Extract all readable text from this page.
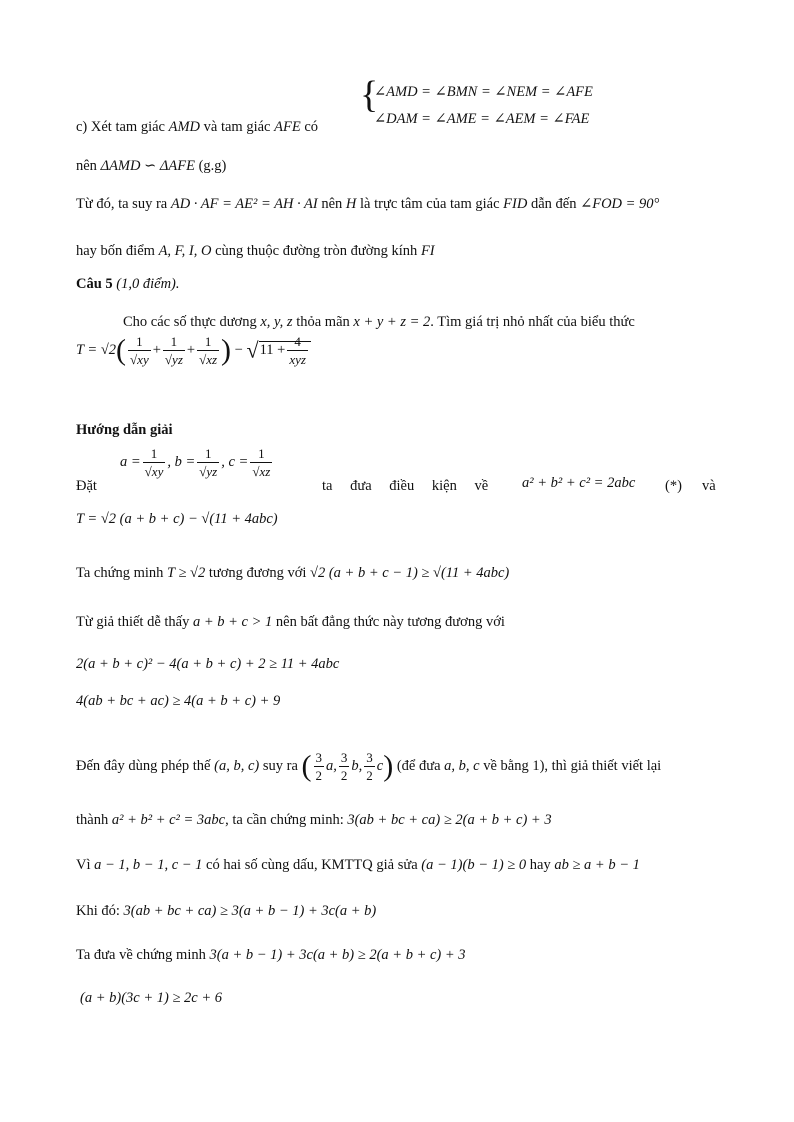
{
∠AMD = ∠BMN = ∠NEM = ∠AFE
∠DAM = ∠AME = ∠AEM = ∠FAE
c) Xét tam giác AMD và tam giác AFE có
nên ΔAMD ∽ ΔAFE (g.g)
Từ đó, ta suy ra AD · AF = AE² = AH · AI nên H là trực tâm của tam giác FID dẫn đến ∠FOD = 90°
hay bốn điểm A, F, I, O cùng thuộc đường tròn đường kính FI
Câu 5 (1,0 điểm).
Cho các số thực dương x, y, z thỏa mãn x + y + z = 2. Tìm giá trị nhỏ nhất của biểu thức
$T = √2( \frac{1}{√xy} + \frac{1}{√yz} + \frac{1}{√xz}$ ) − $√11 + \frac{4}{\text{xyz}}$
Hướng dẫn giải
$a = \frac{1}{√xy}$ , $b = \frac{1}{√yz}$ , $c = \frac{1}{√xz}$
Đặt	ta đưa điều kiện về a² + b² + c² = 2abc (*) và
T = √2 (a + b + c) − √(11 + 4abc)
Ta chứng minh T ≥ √2 tương đương với √2 (a + b + c − 1) ≥ √(11 + 4abc)
Từ giả thiết dễ thấy a + b + c > 1 nên bất đẳng thức này tương đương với
2(a + b + c)² − 4(a + b + c) + 2 ≥ 11 + 4abc
4(ab + bc + ac) ≥ 4(a + b + c) + 9
Đến đây dùng phép thế (a, b, c) suy ra ( $\frac{3}{2} a$, $\frac{3}{2} b$, $\frac{3}{2} c$) (để đưa a, b, c về bằng 1), thì giả thiết viết lại
thành a² + b² + c² = 3abc, ta cần chứng minh: 3(ab + bc + ca) ≥ 2(a + b + c) + 3
Vì a − 1, b − 1, c − 1 có hai số cùng dấu, KMTTQ giả sửa (a − 1)(b − 1) ≥ 0 hay ab ≥ a + b − 1
Khi đó: 3(ab + bc + ca) ≥ 3(a + b − 1) + 3c(a + b)
Ta đưa về chứng minh 3(a + b − 1) + 3c(a + b) ≥ 2(a + b + c) + 3
(a + b)(3c + 1) ≥ 2c + 6
